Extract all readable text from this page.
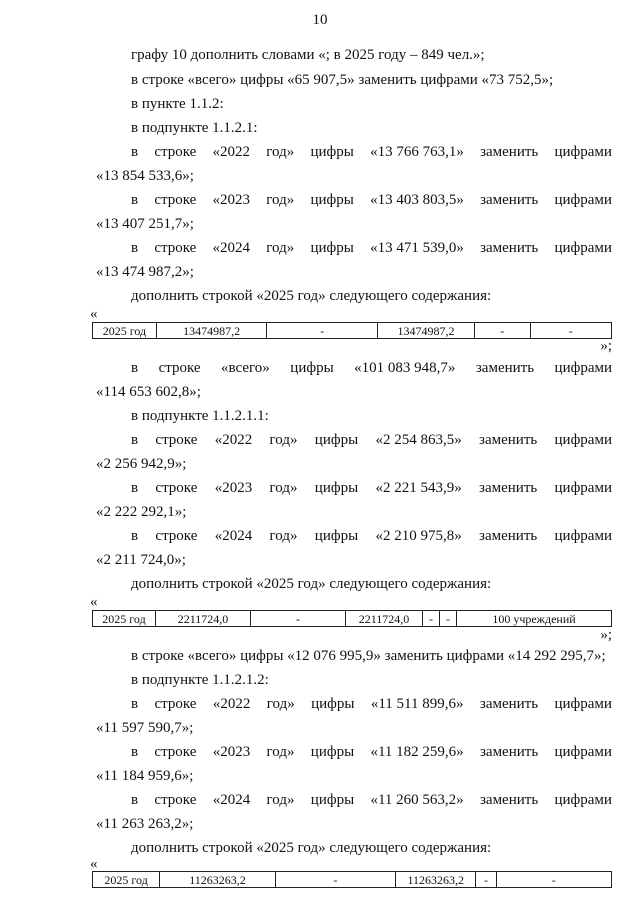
10
графу 10 дополнить словами «; в 2025 году – 849 чел.»;
в строке «всего» цифры «65 907,5» заменить цифрами «73 752,5»;
в пункте 1.1.2:
в подпункте 1.1.2.1:
в строке «2022 год» цифры «13 766 763,1» заменить цифрами
«13 854 533,6»;
в строке «2023 год» цифры «13 403 803,5» заменить цифрами
«13 407 251,7»;
в строке «2024 год» цифры «13 471 539,0» заменить цифрами
«13 474 987,2»;
дополнить строкой «2025 год» следующего содержания:
«
2025 год	13474987,2	-	13474987,2	-	-
»;
в строке «всего» цифры «101 083 948,7» заменить цифрами
«114 653 602,8»;
в подпункте 1.1.2.1.1:
в строке «2022 год» цифры «2 254 863,5» заменить цифрами
«2 256 942,9»;
в строке «2023 год» цифры «2 221 543,9» заменить цифрами
«2 222 292,1»;
в строке «2024 год» цифры «2 210 975,8» заменить цифрами
«2 211 724,0»;
дополнить строкой «2025 год» следующего содержания:
«
2025 год	2211724,0	-	2211724,0	-	-	100 учреждений
»;
в строке «всего» цифры «12 076 995,9» заменить цифрами «14 292 295,7»;
в подпункте 1.1.2.1.2:
в строке «2022 год» цифры «11 511 899,6» заменить цифрами
«11 597 590,7»;
в строке «2023 год» цифры «11 182 259,6» заменить цифрами
«11 184 959,6»;
в строке «2024 год» цифры «11 260 563,2» заменить цифрами
«11 263 263,2»;
дополнить строкой «2025 год» следующего содержания:
«
2025 год	11263263,2	-	11263263,2	-	-
